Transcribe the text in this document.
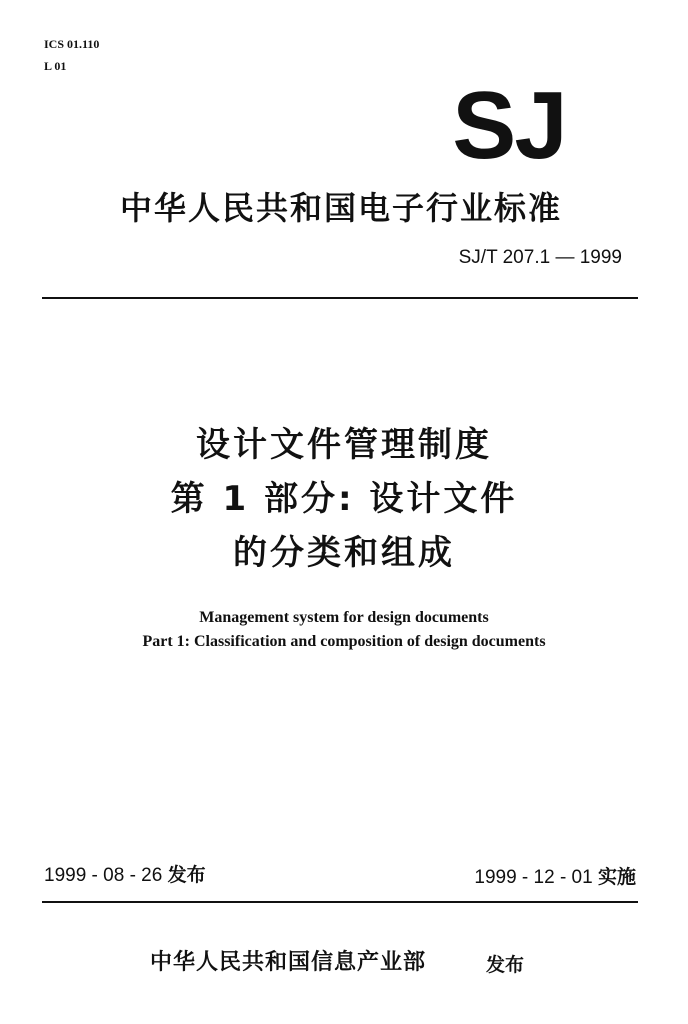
ICS 01.110
L 01
SJ
中华人民共和国电子行业标准
SJ/T 207.1 — 1999
设计文件管理制度
第 1 部分: 设计文件
的分类和组成
Management system for design documents
Part 1: Classification and composition of design documents
1999 - 08 - 26 发布	1999 - 12 - 01 实施
中华人民共和国信息产业部	发布
